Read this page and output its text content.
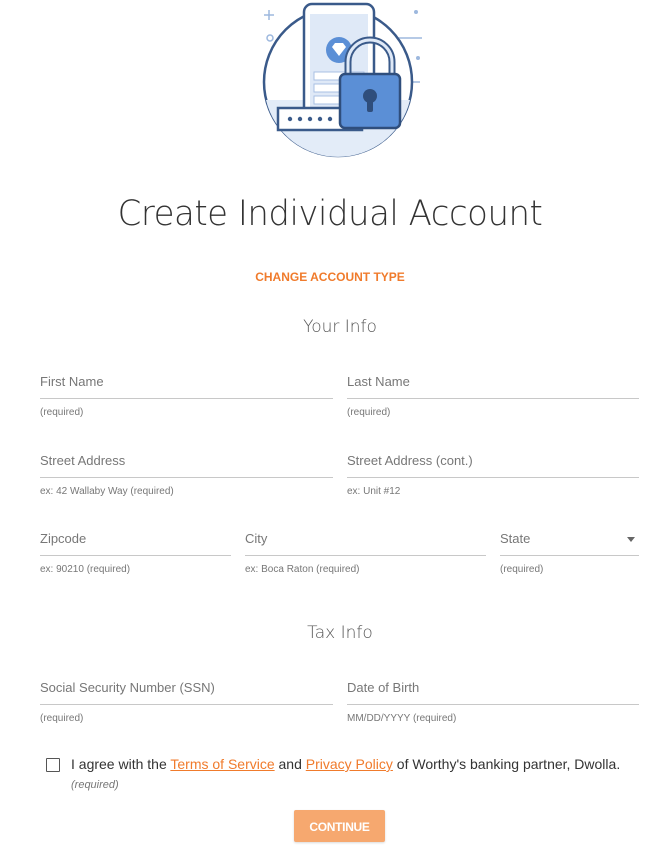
Create Individual Account
CHANGE ACCOUNT TYPE
Your Info
First Name
(required)
Last Name
(required)
Street Address
ex: 42 Wallaby Way (required)
Street Address (cont.)
ex: Unit #12
Zipcode
ex: 90210 (required)
City
ex: Boca Raton (required)
State
(required)
Tax Info
Social Security Number (SSN)
(required)
Date of Birth
MM/DD/YYYY (required)
I agree with the Terms of Service and Privacy Policy of Worthy's banking partner, Dwolla. (required)
CONTINUE
